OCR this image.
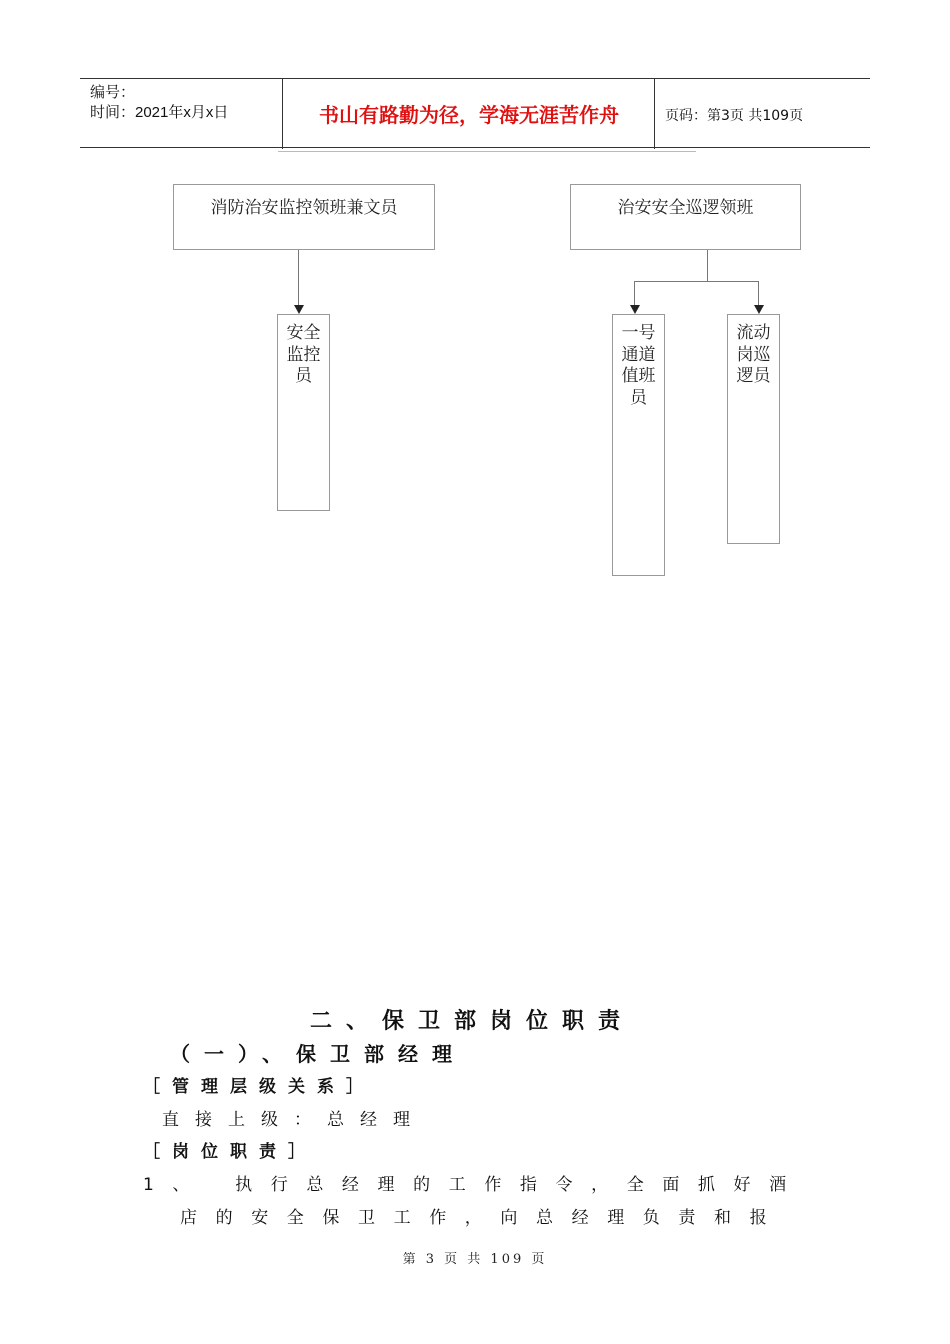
编号：
时间：2021年x月x日	书山有路勤为径，学海无涯苦作舟	页码：第3页 共109页
消防治安监控领班兼文员	治安安全巡逻领班
安全监控员
一号通道值班员
流动岗巡逻员
二、保卫部岗位职责
（一）、保卫部经理
［管理层级关系］
直接上级：总经理
［岗位职责］
1、　执行总经理的工作指令，全面抓好酒
店的安全保卫工作，向总经理负责和报
第 3 页 共 109 页
